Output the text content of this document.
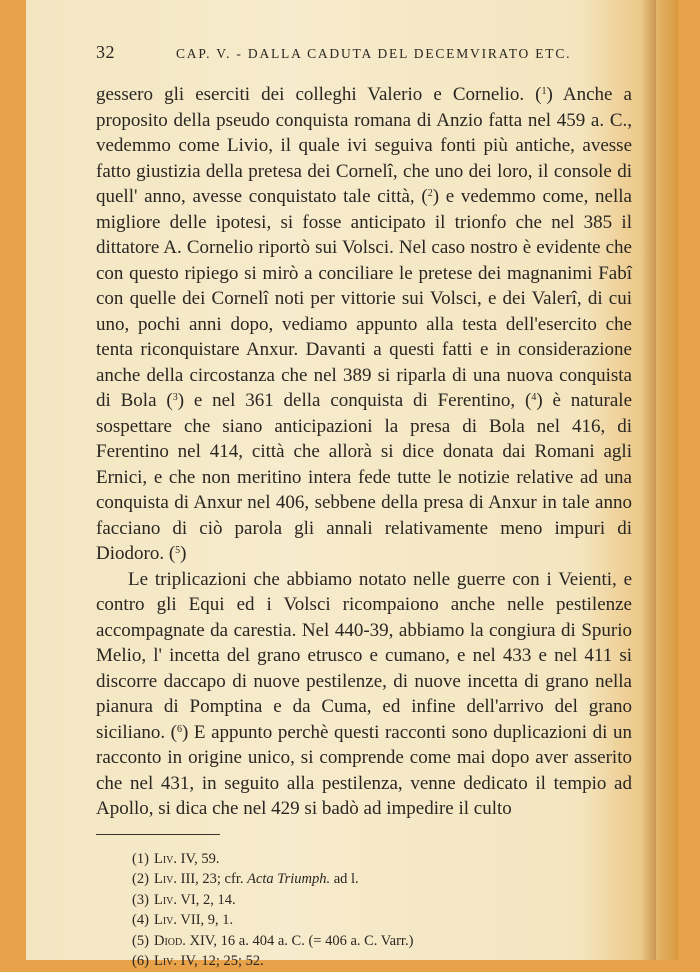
32	CAP. V. - DALLA CADUTA DEL DECEMVIRATO ETC.

gessero gli eserciti dei colleghi Valerio e Cornelio. ($^1$) Anche a proposito della pseudo conquista romana di Anzio fatta nel 459 a. C., vedemmo come Livio, il quale ivi seguiva fonti più antiche, avesse fatto giustizia della pretesa dei Cornelî, che uno dei loro, il console di quell' anno, avesse conquistato tale città, ($^2$) e vedemmo come, nella migliore delle ipotesi, si fosse anticipato il trionfo che nel 385 il dittatore A. Cornelio riportò sui Volsci. Nel caso nostro è evidente che con questo ripiego si mirò a conciliare le pretese dei magnanimi Fabî con quelle dei Cornelî noti per vittorie sui Volsci, e dei Valerî, di cui uno, pochi anni dopo, vediamo appunto alla testa dell'esercito che tenta riconquistare Anxur. Davanti a questi fatti e in considerazione anche della circostanza che nel 389 si riparla di una nuova conquista di Bola ($^3$) e nel 361 della conquista di Ferentino, ($^4$) è naturale sospettare che siano anticipazioni la presa di Bola nel 416, di Ferentino nel 414, città che allorà si dice donata dai Romani agli Ernici, e che non meritino intera fede tutte le notizie relative ad una conquista di Anxur nel 406, sebbene della presa di Anxur in tale anno facciano di ciò parola gli annali relativamente meno impuri di Diodoro. ($^5$)

Le triplicazioni che abbiamo notato nelle guerre con i Veienti, e contro gli Equi ed i Volsci ricompaiono anche nelle pestilenze accompagnate da carestia. Nel 440-39, abbiamo la congiura di Spurio Melio, l' incetta del grano etrusco e cumano, e nel 433 e nel 411 si discorre daccapo di nuove pestilenze, di nuove incetta di grano nella pianura di Pomptina e da Cuma, ed infine dell'arrivo del grano siciliano. ($^6$) E appunto perchè questi racconti sono duplicazioni di un racconto in origine unico, si comprende come mai dopo aver asserito che nel 431, in seguito alla pestilenza, venne dedicato il tempio ad Apollo, si dica che nel 429 si badò ad impedire il culto

(1) Liv. IV, 59.
(2) Liv. III, 23; cfr. Acta Triumph. ad l.
(3) Liv. VI, 2, 14.
(4) Liv. VII, 9, 1.
(5) Diod. XIV, 16 a. 404 a. C. (= 406 a. C. Varr.)
(6) Liv. IV, 12; 25; 52.
